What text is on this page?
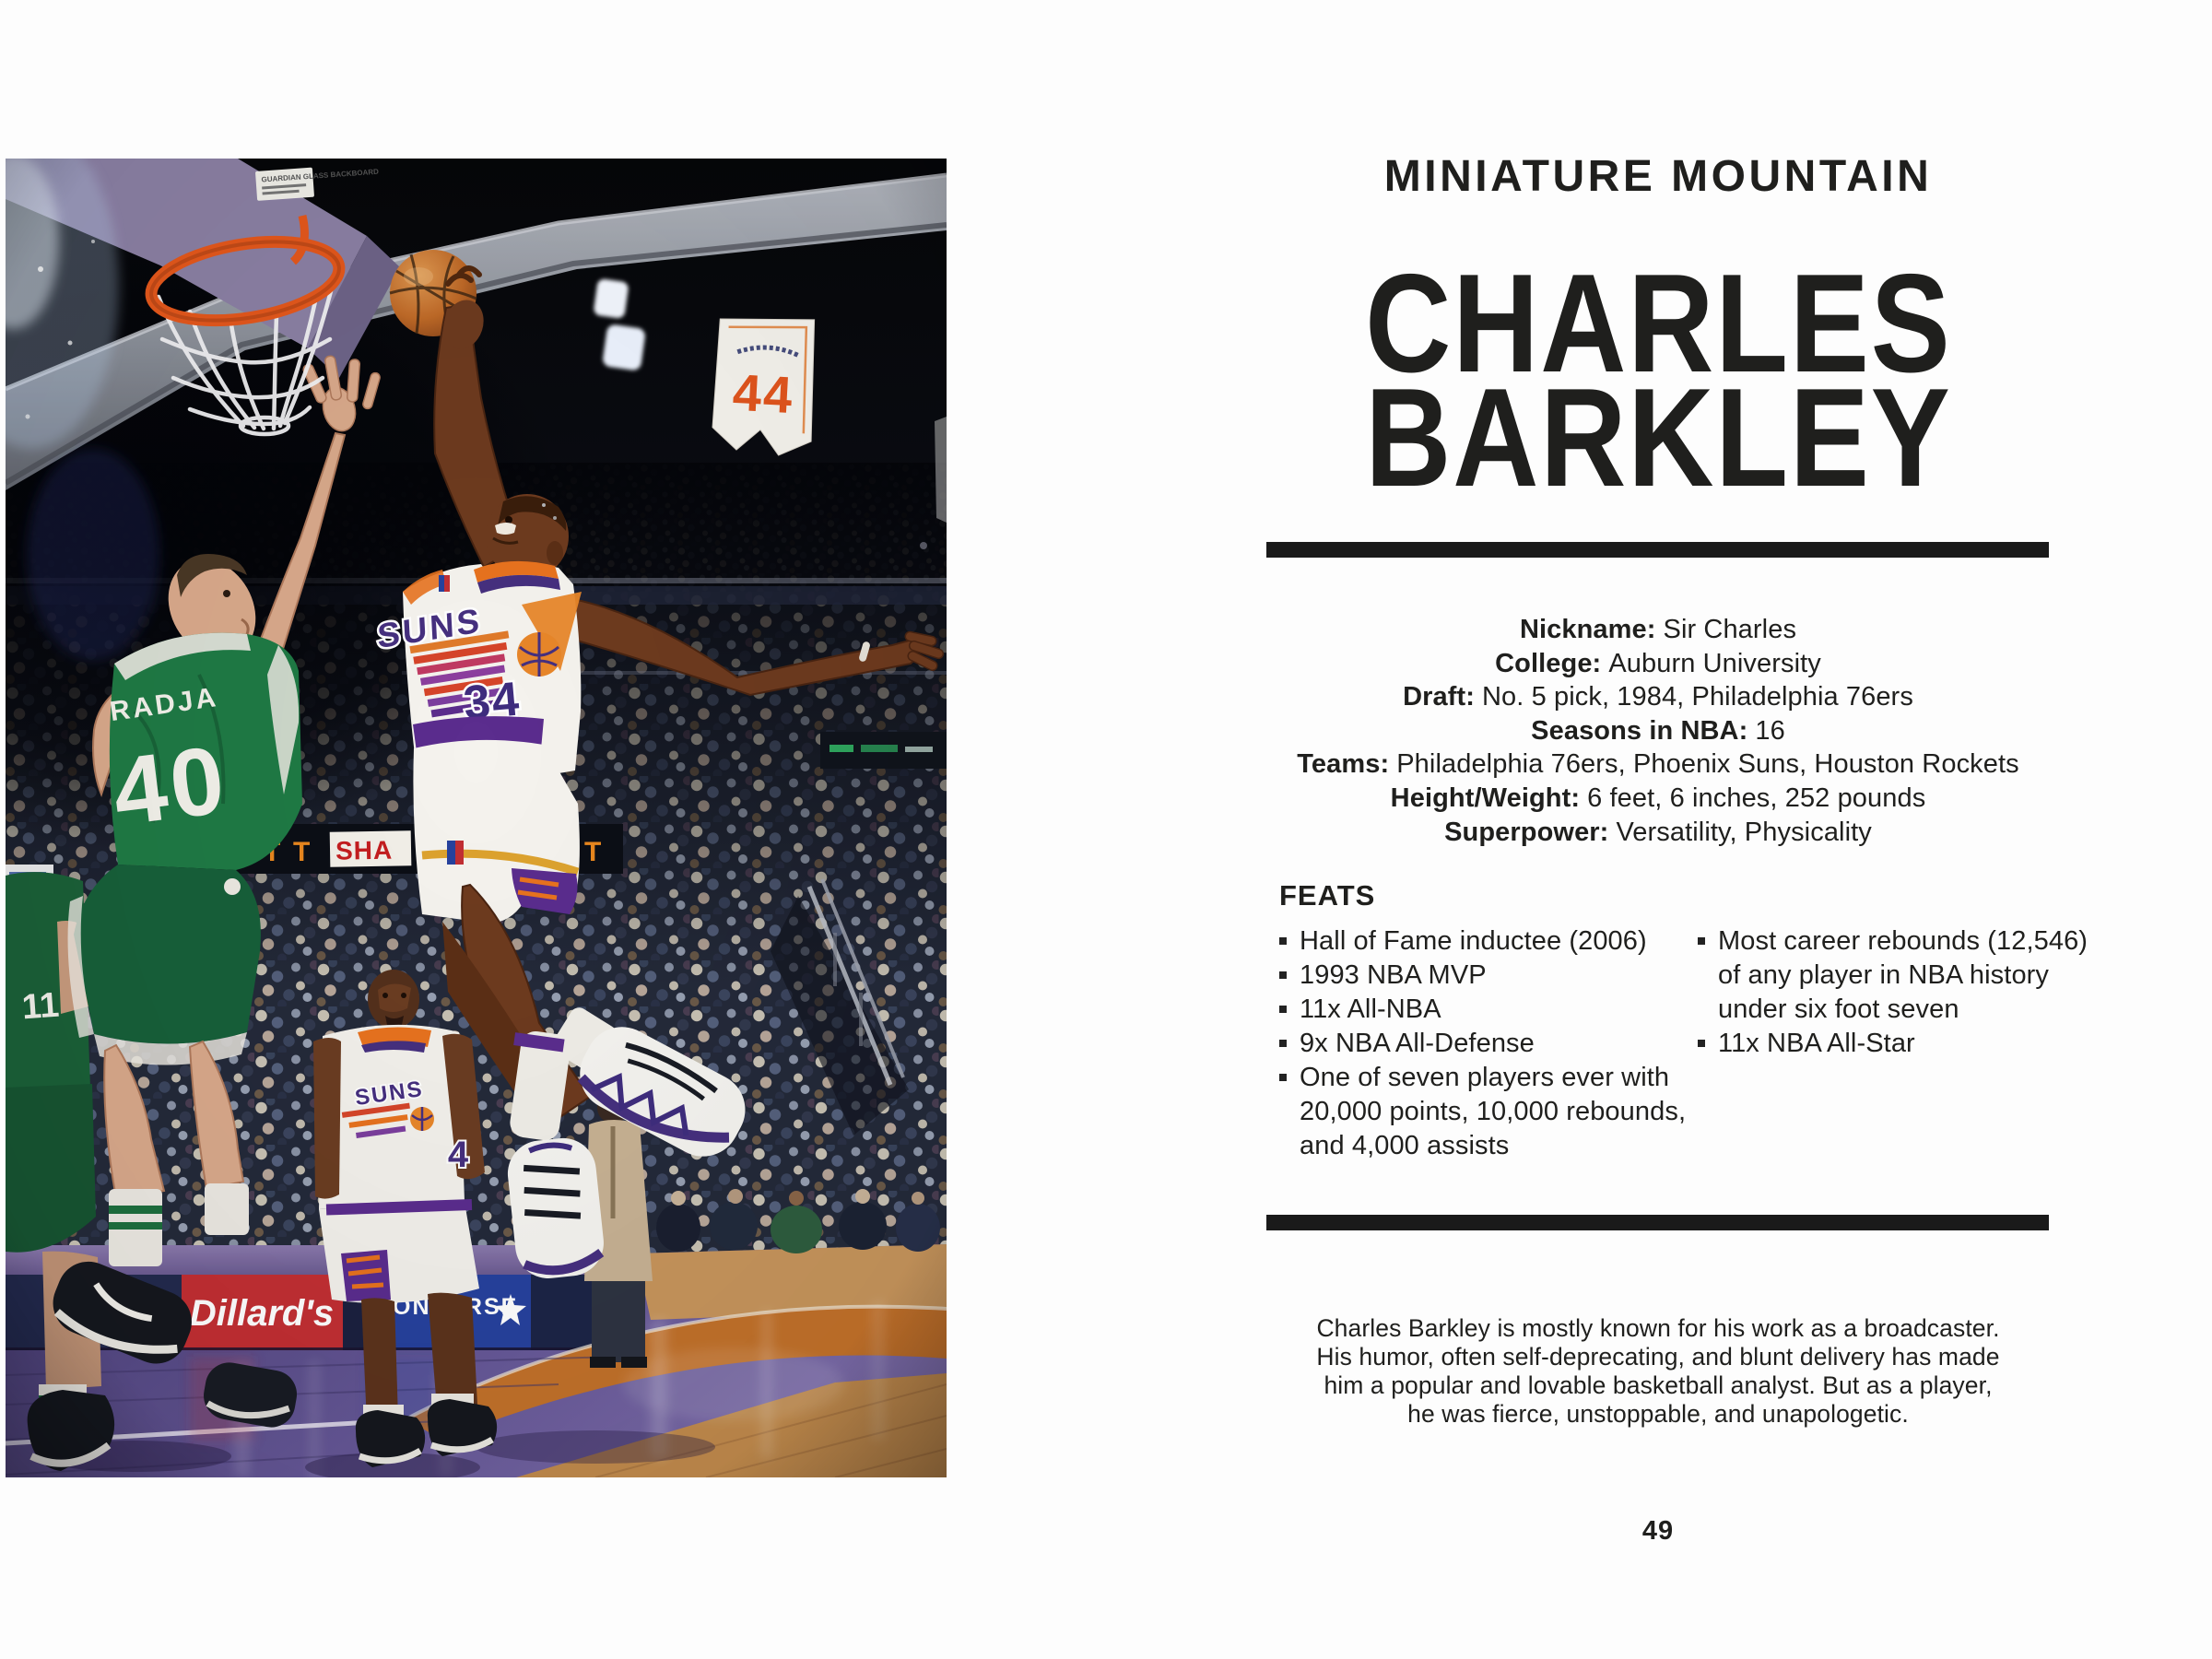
MINIATURE MOUNTAIN
CHARLES
BARKLEY
Nickname: Sir Charles
College: Auburn University
Draft: No. 5 pick, 1984, Philadelphia 76ers
Seasons in NBA: 16
Teams: Philadelphia 76ers, Phoenix Suns, Houston Rockets
Height/Weight: 6 feet, 6 inches, 252 pounds
Superpower: Versatility, Physicality
FEATS
Hall of Fame inductee (2006)
1993 NBA MVP
11x All-NBA
9x NBA All-Defense
One of seven players ever with 20,000 points, 10,000 rebounds, and 4,000 assists
Most career rebounds (12,546) of any player in NBA history under six foot seven
11x NBA All-Star
Charles Barkley is mostly known for his work as a broadcaster.
His humor, often self-deprecating, and blunt delivery has made
him a popular and lovable basketball analyst. But as a player,
he was fierce, unstoppable, and unapologetic.
49
